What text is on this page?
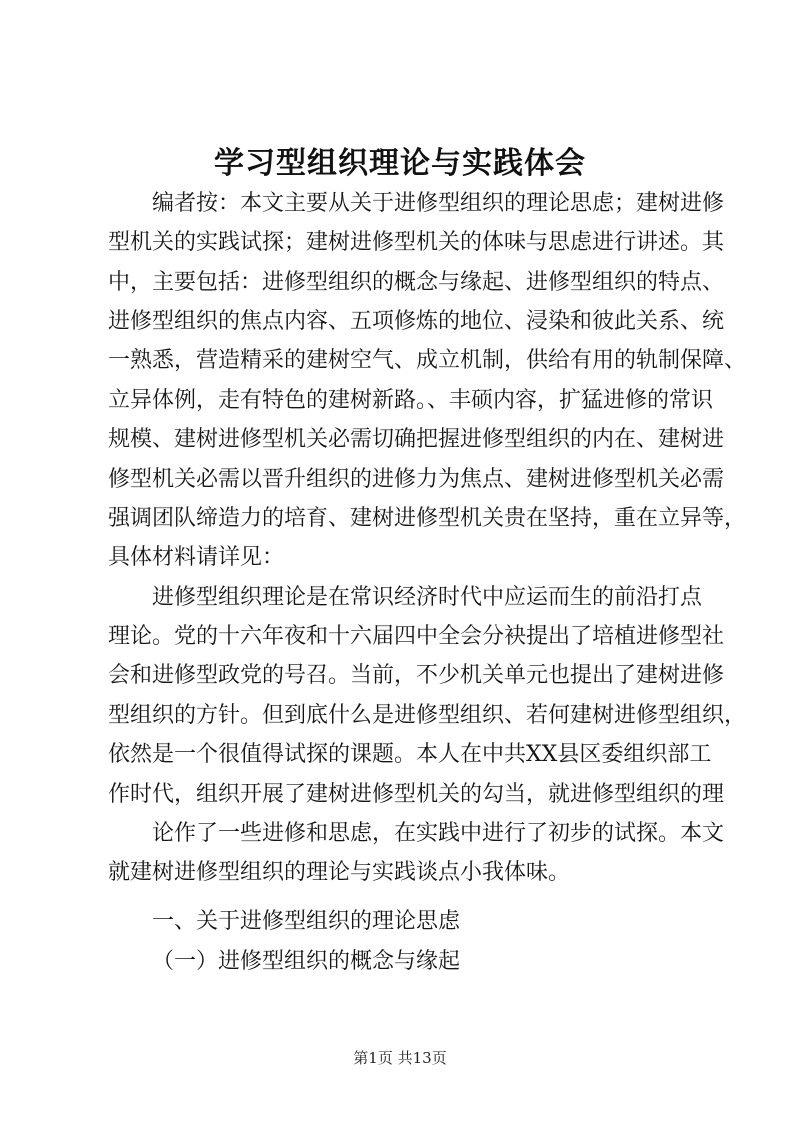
学习型组织理论与实践体会

编者按：本文主要从关于进修型组织的理论思虑；建树进修

型机关的实践试探；建树进修型机关的体味与思虑进行讲述。其

中，主要包括：进修型组织的概念与缘起、进修型组织的特点、

进修型组织的焦点内容、五项修炼的地位、浸染和彼此关系、统

一熟悉，营造精采的建树空气、成立机制，供给有用的轨制保障、

立异体例，走有特色的建树新路。、丰硕内容，扩猛进修的常识

规模、建树进修型机关必需切确把握进修型组织的内在、建树进

修型机关必需以晋升组织的进修力为焦点、建树进修型机关必需

强调团队缔造力的培育、建树进修型机关贵在坚持，重在立异等，

具体材料请详见：

进修型组织理论是在常识经济时代中应运而生的前沿打点

理论。党的十六年夜和十六届四中全会分袂提出了培植进修型社

会和进修型政党的号召。当前，不少机关单元也提出了建树进修

型组织的方针。但到底什么是进修型组织、若何建树进修型组织，

依然是一个很值得试探的课题。本人在中共XX县区委组织部工

作时代，组织开展了建树进修型机关的勾当，就进修型组织的理

论作了一些进修和思虑，在实践中进行了初步的试探。本文

就建树进修型组织的理论与实践谈点小我体味。

一、关于进修型组织的理论思虑

（一）进修型组织的概念与缘起

第1页 共13页
